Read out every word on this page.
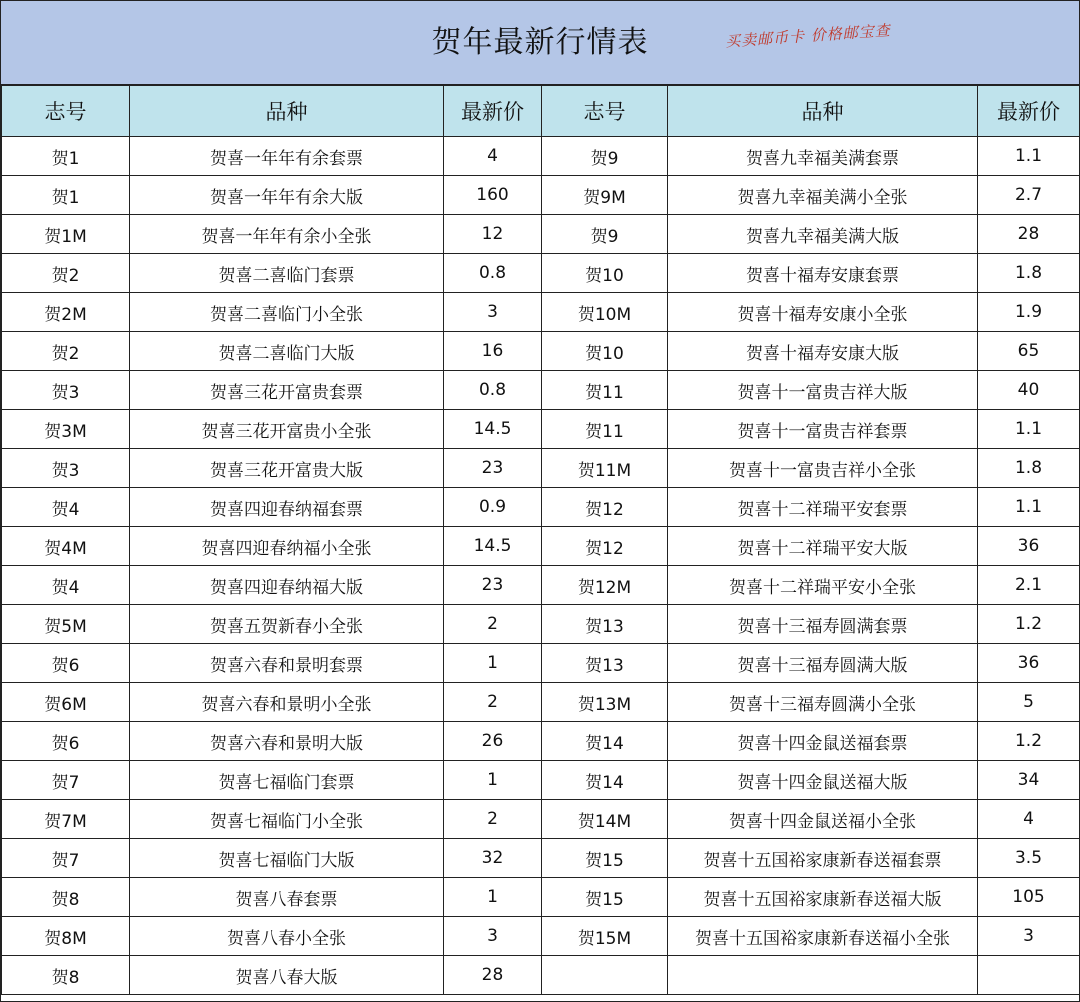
贺年最新行情表	买卖邮币卡 价格邮宝查
志号	品种	最新价	志号	品种	最新价
贺1	贺喜一年年有余套票	4	贺9	贺喜九幸福美满套票	1.1
贺1	贺喜一年年有余大版	160	贺9M	贺喜九幸福美满小全张	2.7
贺1M	贺喜一年年有余小全张	12	贺9	贺喜九幸福美满大版	28
贺2	贺喜二喜临门套票	0.8	贺10	贺喜十福寿安康套票	1.8
贺2M	贺喜二喜临门小全张	3	贺10M	贺喜十福寿安康小全张	1.9
贺2	贺喜二喜临门大版	16	贺10	贺喜十福寿安康大版	65
贺3	贺喜三花开富贵套票	0.8	贺11	贺喜十一富贵吉祥大版	40
贺3M	贺喜三花开富贵小全张	14.5	贺11	贺喜十一富贵吉祥套票	1.1
贺3	贺喜三花开富贵大版	23	贺11M	贺喜十一富贵吉祥小全张	1.8
贺4	贺喜四迎春纳福套票	0.9	贺12	贺喜十二祥瑞平安套票	1.1
贺4M	贺喜四迎春纳福小全张	14.5	贺12	贺喜十二祥瑞平安大版	36
贺4	贺喜四迎春纳福大版	23	贺12M	贺喜十二祥瑞平安小全张	2.1
贺5M	贺喜五贺新春小全张	2	贺13	贺喜十三福寿圆满套票	1.2
贺6	贺喜六春和景明套票	1	贺13	贺喜十三福寿圆满大版	36
贺6M	贺喜六春和景明小全张	2	贺13M	贺喜十三福寿圆满小全张	5
贺6	贺喜六春和景明大版	26	贺14	贺喜十四金鼠送福套票	1.2
贺7	贺喜七福临门套票	1	贺14	贺喜十四金鼠送福大版	34
贺7M	贺喜七福临门小全张	2	贺14M	贺喜十四金鼠送福小全张	4
贺7	贺喜七福临门大版	32	贺15	贺喜十五国裕家康新春送福套票	3.5
贺8	贺喜八春套票	1	贺15	贺喜十五国裕家康新春送福大版	105
贺8M	贺喜八春小全张	3	贺15M	贺喜十五国裕家康新春送福小全张	3
贺8	贺喜八春大版	28			
